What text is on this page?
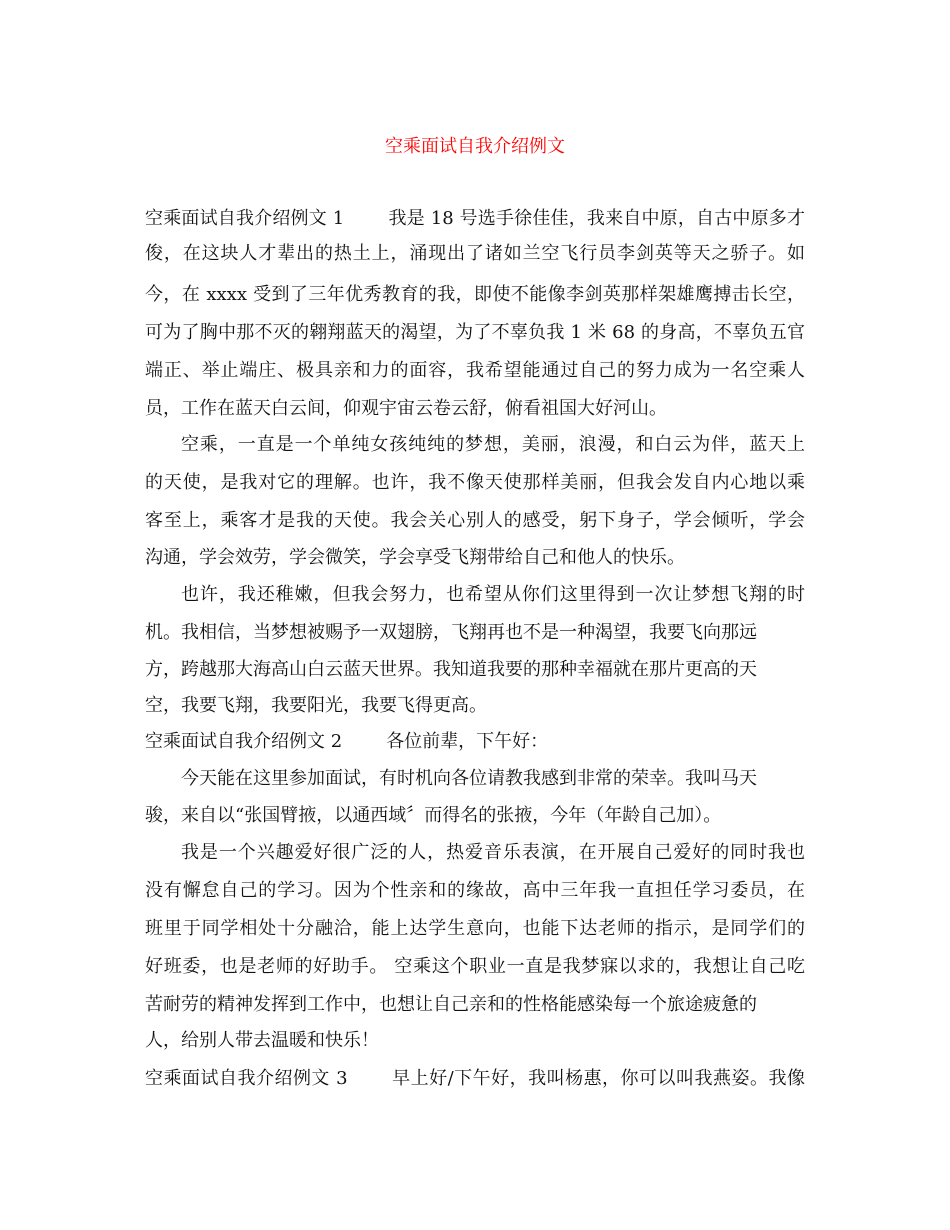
空乘面试自我介绍例文
空乘面试自我介绍例文 1 我是 18 号选手徐佳佳，我来自中原，自古中原多才
俊，在这块人才辈出的热土上，涌现出了诸如兰空飞行员李剑英等天之骄子。如
今，在 xxxx 受到了三年优秀教育的我，即使不能像李剑英那样架雄鹰搏击长空，
可为了胸中那不灭的翱翔蓝天的渴望，为了不辜负我 1 米 68 的身高，不辜负五官
端正、举止端庄、极具亲和力的面容，我希望能通过自己的努力成为一名空乘人
员，工作在蓝天白云间，仰观宇宙云卷云舒，俯看祖国大好河山。
空乘，一直是一个单纯女孩纯纯的梦想，美丽，浪漫，和白云为伴，蓝天上
的天使，是我对它的理解。也许，我不像天使那样美丽，但我会发自内心地以乘
客至上，乘客才是我的天使。我会关心别人的感受，躬下身子，学会倾听，学会
沟通，学会效劳，学会微笑，学会享受飞翔带给自己和他人的快乐。
也许，我还稚嫩，但我会努力，也希望从你们这里得到一次让梦想飞翔的时
机。我相信，当梦想被赐予一双翅膀，飞翔再也不是一种渴望，我要飞向那远
方，跨越那大海高山白云蓝天世界。我知道我要的那种幸福就在那片更高的天
空，我要飞翔，我要阳光，我要飞得更高。
空乘面试自我介绍例文 2 各位前辈，下午好：
今天能在这里参加面试，有时机向各位请教我感到非常的荣幸。我叫马天
骏，来自以“张国臂掖，以通西域〞而得名的张掖，今年（年龄自己加）。
我是一个兴趣爱好很广泛的人，热爱音乐表演，在开展自己爱好的同时我也
没有懈怠自己的学习。因为个性亲和的缘故，高中三年我一直担任学习委员，在
班里于同学相处十分融洽，能上达学生意向，也能下达老师的指示，是同学们的
好班委，也是老师的好助手。 空乘这个职业一直是我梦寐以求的，我想让自己吃
苦耐劳的精神发挥到工作中，也想让自己亲和的性格能感染每一个旅途疲惫的
人，给别人带去温暖和快乐！
空乘面试自我介绍例文 3 早上好/下午好，我叫杨惠，你可以叫我燕姿。我像
